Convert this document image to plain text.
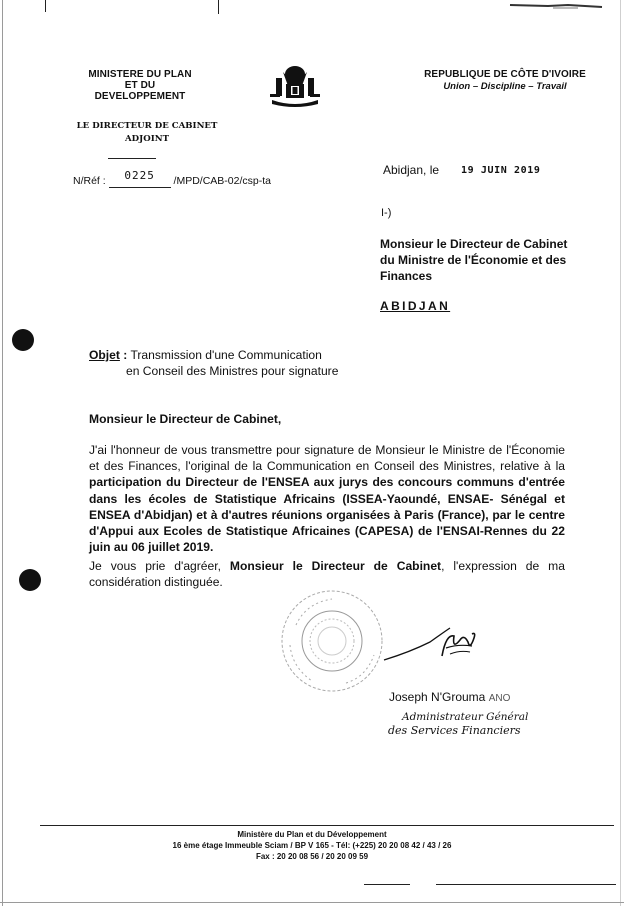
MINISTERE DU PLAN
ET DU DEVELOPPEMENT
REPUBLIQUE DE CÔTE D'IVOIRE
Union – Discipline – Travail
LE DIRECTEUR DE CABINET
ADJOINT
N/Réf : 0225 /MPD/CAB-02/csp-ta
Abidjan, le 19 JUIN 2019
I-)
Monsieur le Directeur de Cabinet
du Ministre de l'Économie et des
Finances
ABIDJAN
Objet : Transmission d'une Communication
en Conseil des Ministres pour signature
Monsieur le Directeur de Cabinet,
J'ai l'honneur de vous transmettre pour signature de Monsieur le Ministre de l'Économie et des Finances, l'original de la Communication en Conseil des Ministres, relative à la participation du Directeur de l'ENSEA aux jurys des concours communs d'entrée dans les écoles de Statistique Africains (ISSEA-Yaoundé, ENSAE- Sénégal et ENSEA d'Abidjan) et à d'autres réunions organisées à Paris (France), par le centre d'Appui aux Ecoles de Statistique Africaines (CAPESA) de l'ENSAI-Rennes du 22 juin au 06 juillet 2019.
Je vous prie d'agréer, Monsieur le Directeur de Cabinet, l'expression de ma considération distinguée.
Joseph N'Grouma ANO
Administrateur Général
des Services Financiers
Ministère du Plan et du Développement
16 ème étage Immeuble Sciam / BP V 165 - Tél: (+225) 20 20 08 42 / 43 / 26
Fax : 20 20 08 56 / 20 20 09 59
